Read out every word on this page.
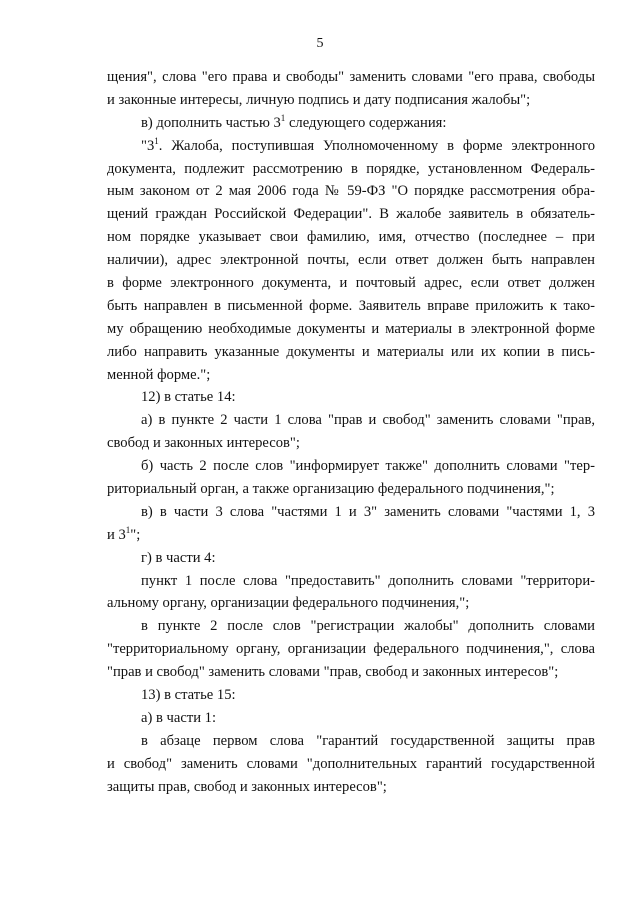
5

щения", слова "его права и свободы" заменить словами "его права, свободы

и законные интересы, личную подпись и дату подписания жалобы";

в) дополнить частью $3^1$ следующего содержания:

"$3^1$. Жалоба, поступившая Уполномоченному в форме электронного

документа, подлежит рассмотрению в порядке, установленном Федераль-

ным законом от 2 мая 2006 года № 59-ФЗ "О порядке рассмотрения обра-

щений граждан Российской Федерации". В жалобе заявитель в обязатель-

ном порядке указывает свои фамилию, имя, отчество (последнее – при

наличии), адрес электронной почты, если ответ должен быть направлен

в форме электронного документа, и почтовый адрес, если ответ должен

быть направлен в письменной форме. Заявитель вправе приложить к тако-

му обращению необходимые документы и материалы в электронной форме

либо направить указанные документы и материалы или их копии в пись-

менной форме.";

12) в статье 14:

а) в пункте 2 части 1 слова "прав и свобод" заменить словами "прав,

свобод и законных интересов";

б) часть 2 после слов "информирует также" дополнить словами "тер-

риториальный орган, а также организацию федерального подчинения,";

в) в части 3 слова "частями 1 и 3" заменить словами "частями 1, 3

и $3^1$";

г) в части 4:

пункт 1 после слова "предоставить" дополнить словами "территори-

альному органу, организации федерального подчинения,";

в пункте 2 после слов "регистрации жалобы" дополнить словами

"территориальному органу, организации федерального подчинения,", слова

"прав и свобод" заменить словами "прав, свобод и законных интересов";

13) в статье 15:

а) в части 1:

в абзаце первом слова "гарантий государственной защиты прав

и свобод" заменить словами "дополнительных гарантий государственной

защиты прав, свобод и законных интересов";
